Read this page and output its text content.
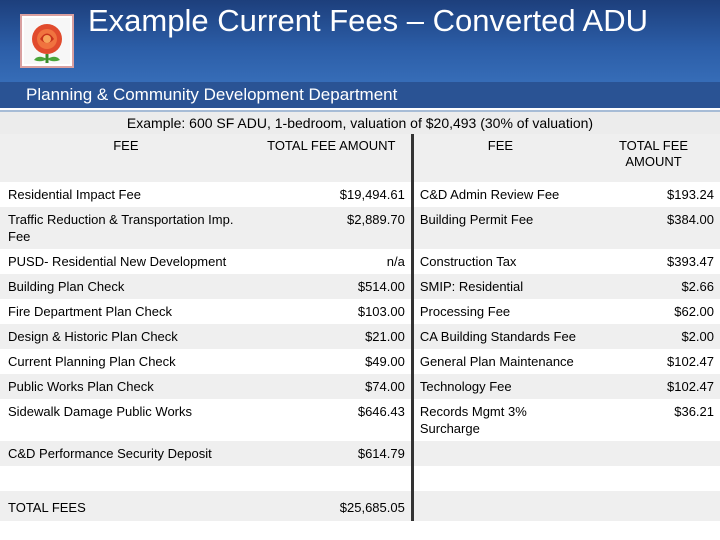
Example Current Fees – Converted ADU
Planning & Community Development Department
Example: 600 SF ADU, 1-bedroom, valuation of $20,493 (30% of valuation)
FEE	TOTAL FEE AMOUNT	FEE	TOTAL FEE AMOUNT
Residential Impact Fee	$19,494.61	C&D Admin Review Fee	$193.24
Traffic Reduction & Transportation Imp. Fee	$2,889.70	Building Permit Fee	$384.00
PUSD- Residential New Development	n/a	Construction Tax	$393.47
Building Plan Check	$514.00	SMIP: Residential	$2.66
Fire Department Plan Check	$103.00	Processing Fee	$62.00
Design & Historic Plan Check	$21.00	CA Building Standards Fee	$2.00
Current Planning Plan Check	$49.00	General Plan Maintenance	$102.47
Public Works Plan Check	$74.00	Technology Fee	$102.47
Sidewalk Damage Public Works	$646.43	Records Mgmt 3% Surcharge	$36.21
C&D Performance Security Deposit	$614.79		

TOTAL FEES	$25,685.05		
